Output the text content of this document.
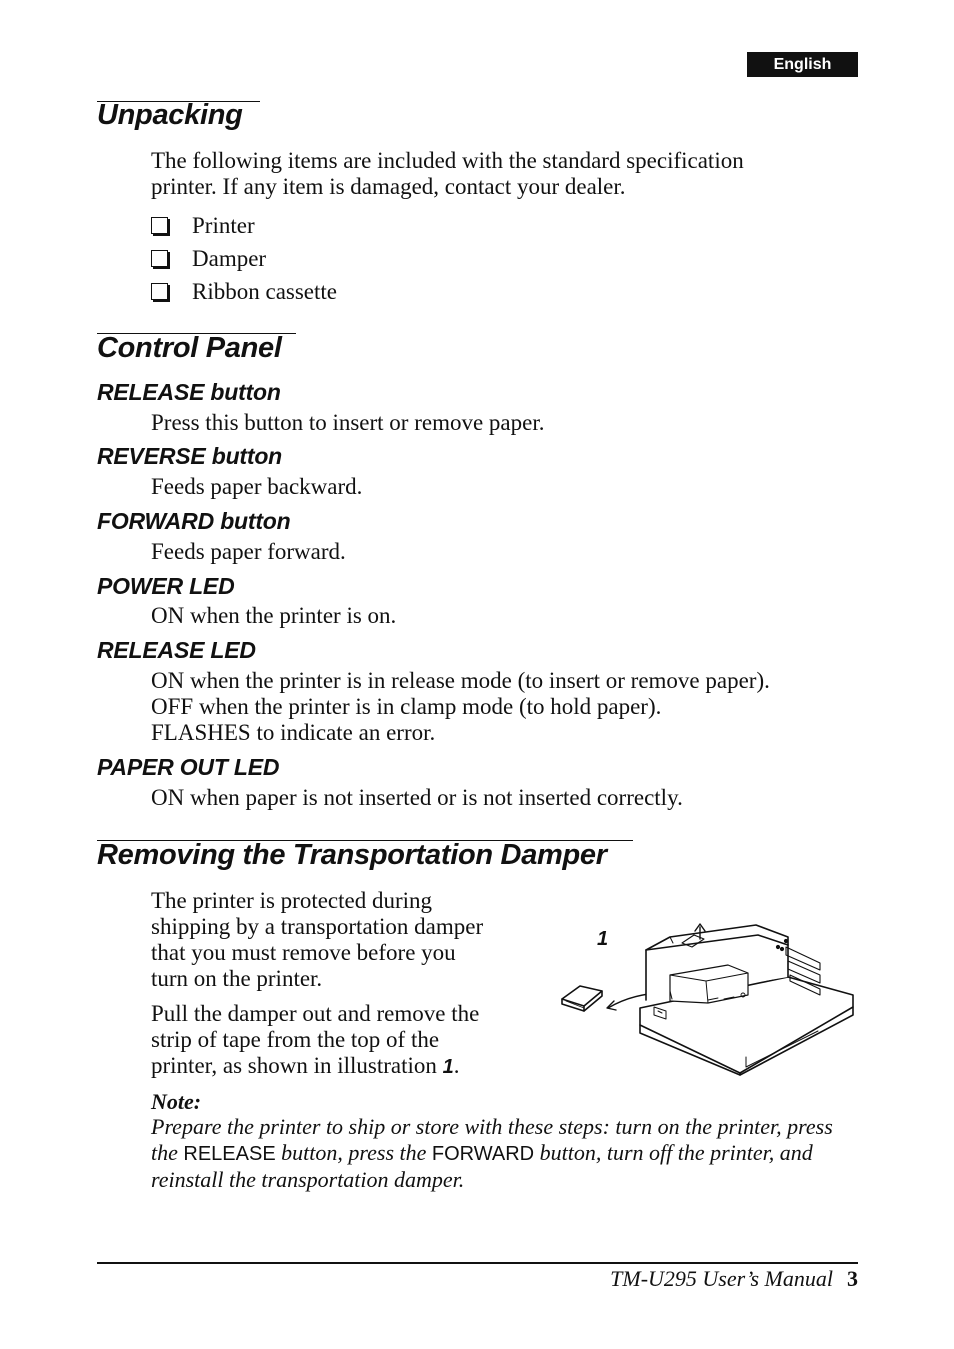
English
Unpacking

The following items are included with the standard specification
printer. If any item is damaged, contact your dealer.

Printer
Damper
Ribbon cassette
Control Panel
RELEASE button

Press this button to insert or remove paper.

REVERSE button

Feeds paper backward.

FORWARD button

Feeds paper forward.

POWER LED

ON when the printer is on.

RELEASE LED

ON when the printer is in release mode (to insert or remove paper).
OFF when the printer is in clamp mode (to hold paper).
FLASHES to indicate an error.

PAPER OUT LED

ON when paper is not inserted or is not inserted correctly.

Removing the Transportation Damper

The printer is protected during
shipping by a transportation damper
that you must remove before you
turn on the printer.

Pull the damper out and remove the
strip of tape from the top of the
printer, as shown in illustration 1.

1
Note:

Prepare the printer to ship or store with these steps: turn on the printer, press the RELEASE button, press the FORWARD button, turn off the printer, and reinstall the transportation damper.

TM-U295 User’s Manual 3
